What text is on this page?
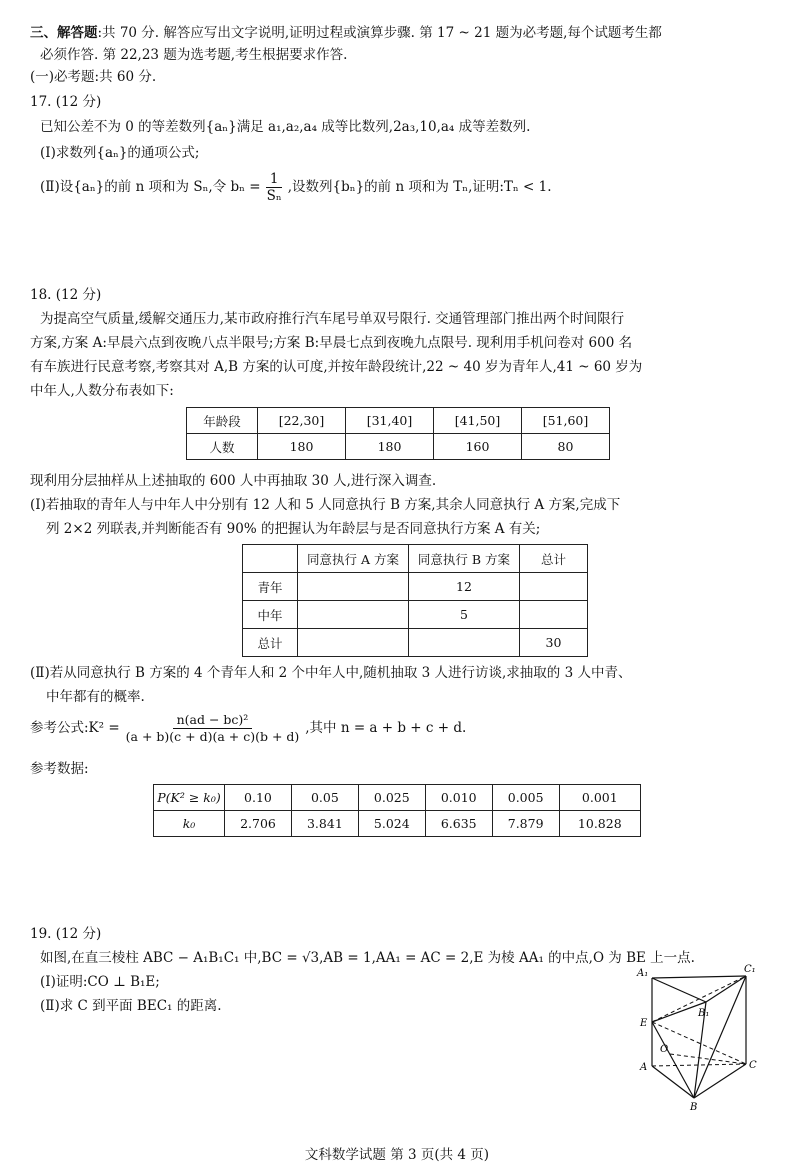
三、解答题:共 70 分. 解答应写出文字说明,证明过程或演算步骤. 第 17 ~ 21 题为必考题,每个试题考生都
必须作答. 第 22,23 题为选考题,考生根据要求作答.
(一)必考题:共 60 分.
17. (12 分)
已知公差不为 0 的等差数列{aₙ}满足 a₁,a₂,a₄ 成等比数列,2a₃,10,a₄ 成等差数列.
(Ⅰ)求数列{aₙ}的通项公式;
(Ⅱ)设{aₙ}的前 n 项和为 Sₙ,令 $b_n = \frac{1}{\text{Sₙ}}$ ,设数列{bₙ}的前 n 项和为 Tₙ,证明:Tₙ < 1.
18. (12 分)
为提高空气质量,缓解交通压力,某市政府推行汽车尾号单双号限行. 交通管理部门推出两个时间限行
方案,方案 A:早晨六点到夜晚八点半限号;方案 B:早晨七点到夜晚九点限号. 现利用手机问卷对 600 名
有车族进行民意考察,考察其对 A,B 方案的认可度,并按年龄段统计,22 ~ 40 岁为青年人,41 ~ 60 岁为
中年人,人数分布表如下:
年龄段	[22,30]	[31,40]	[41,50]	[51,60]
人数	180	180	160	80
现利用分层抽样从上述抽取的 600 人中再抽取 30 人,进行深入调查.
(Ⅰ)若抽取的青年人与中年人中分别有 12 人和 5 人同意执行 B 方案,其余人同意执行 A 方案,完成下
列 2×2 列联表,并判断能否有 90% 的把握认为年龄层与是否同意执行方案 A 有关;
	同意执行 A 方案	同意执行 B 方案	总计
青年		12	
中年		5	
总计			30
(Ⅱ)若从同意执行 B 方案的 4 个青年人和 2 个中年人中,随机抽取 3 人进行访谈,求抽取的 3 人中青、
中年都有的概率.
参考公式:K² = $\frac{\text{n(ad − bc)²}}{(a + b)(c + d)(a + c)(b + d)}$ ,其中 n = a + b + c + d.
参考数据:
P(K² ≥ k₀)	0.10	0.05	0.025	0.010	0.005	0.001
k₀	2.706	3.841	5.024	6.635	7.879	10.828
19. (12 分)
如图,在直三棱柱 ABC − A₁B₁C₁ 中,BC = √3,AB = 1,AA₁ = AC = 2,E 为棱 AA₁ 的中点,O 为 BE 上一点.
(Ⅰ)证明:CO ⊥ B₁E;
(Ⅱ)求 C 到平面 BEC₁ 的距离.
A₁	C₁
B₁
E
O
A	C
B
文科数学试题 第 3 页(共 4 页)
